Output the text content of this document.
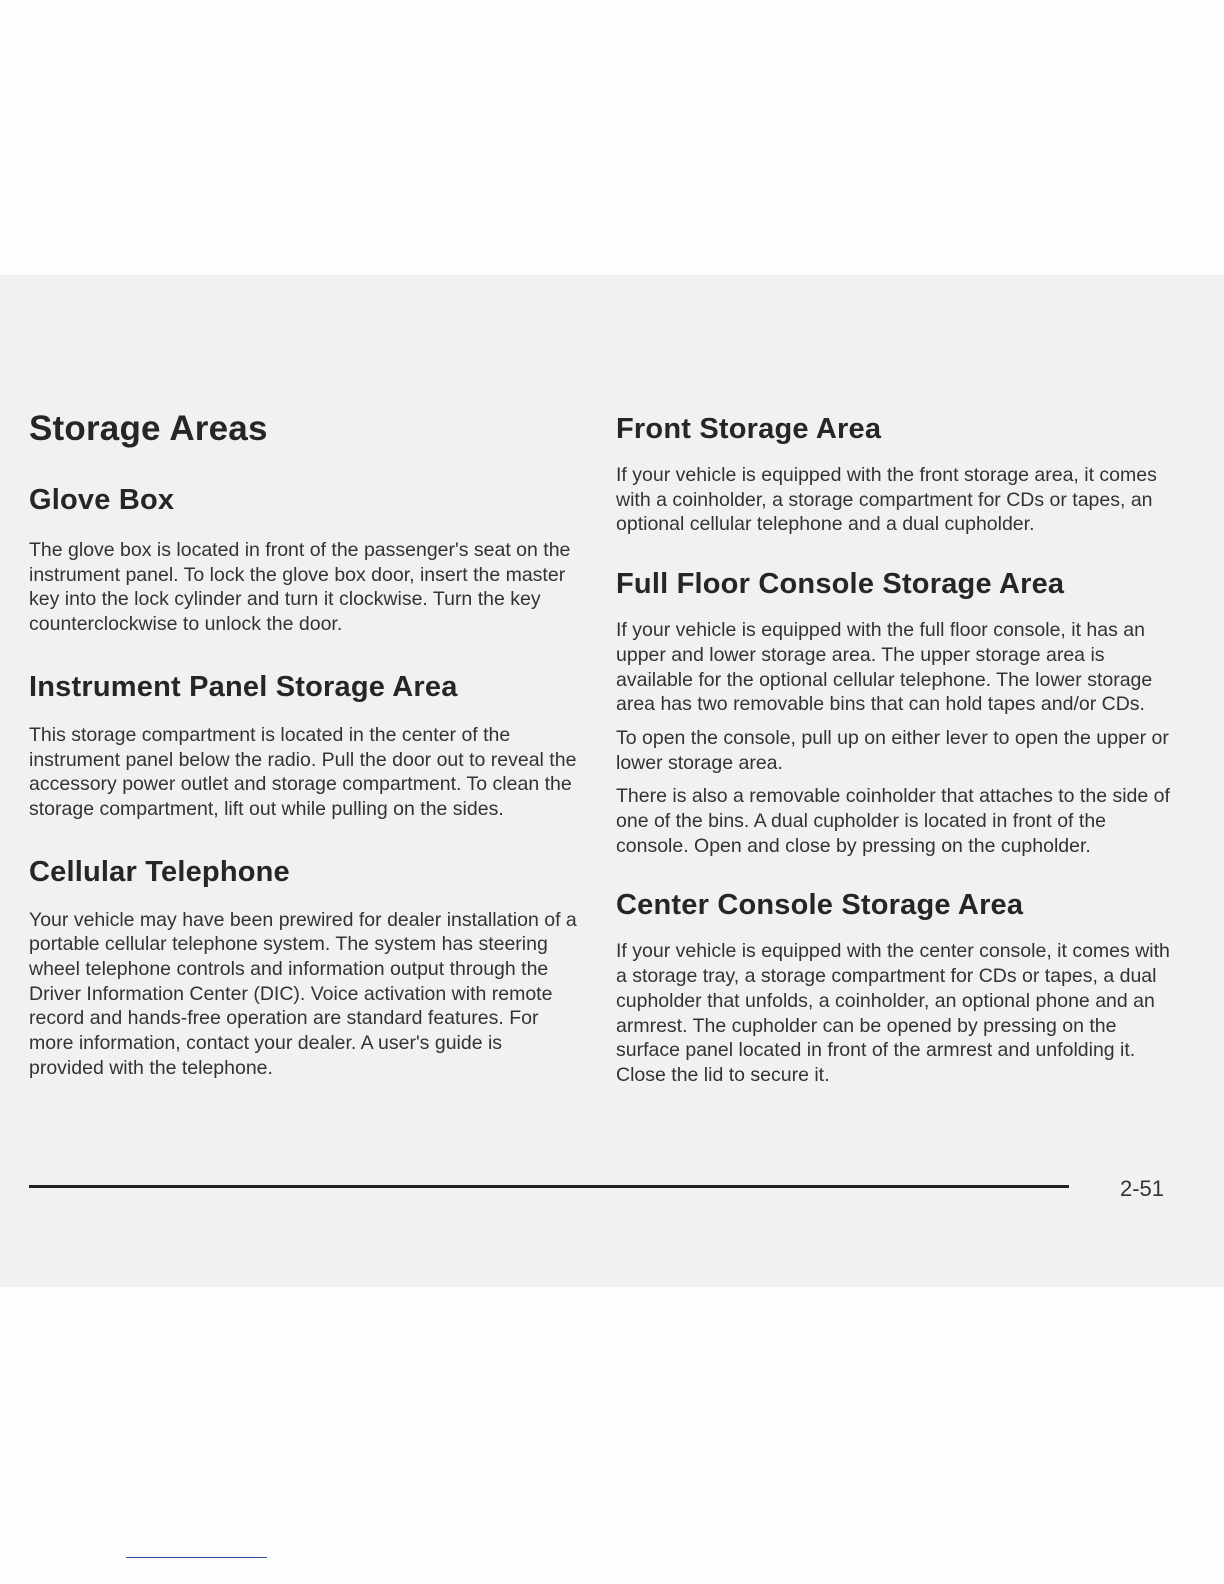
Storage Areas
Glove Box

The glove box is located in front of the passenger's seat on the instrument panel. To lock the glove box door, insert the master key into the lock cylinder and turn it clockwise. Turn the key counterclockwise to unlock the door.

Instrument Panel Storage Area

This storage compartment is located in the center of the instrument panel below the radio. Pull the door out to reveal the accessory power outlet and storage compartment. To clean the storage compartment, lift out while pulling on the sides.

Cellular Telephone

Your vehicle may have been prewired for dealer installation of a portable cellular telephone system. The system has steering wheel telephone controls and information output through the Driver Information Center (DIC). Voice activation with remote record and hands-free operation are standard features. For more information, contact your dealer. A user's guide is provided with the telephone.

Front Storage Area

If your vehicle is equipped with the front storage area, it comes with a coinholder, a storage compartment for CDs or tapes, an optional cellular telephone and a dual cupholder.

Full Floor Console Storage Area

If your vehicle is equipped with the full floor console, it has an upper and lower storage area. The upper storage area is available for the optional cellular telephone. The lower storage area has two removable bins that can hold tapes and/or CDs.

To open the console, pull up on either lever to open the upper or lower storage area.

There is also a removable coinholder that attaches to the side of one of the bins. A dual cupholder is located in front of the console. Open and close by pressing on the cupholder.

Center Console Storage Area

If your vehicle is equipped with the center console, it comes with a storage tray, a storage compartment for CDs or tapes, a dual cupholder that unfolds, a coinholder, an optional phone and an armrest. The cupholder can be opened by pressing on the surface panel located in front of the armrest and unfolding it. Close the lid to secure it.

2-51
